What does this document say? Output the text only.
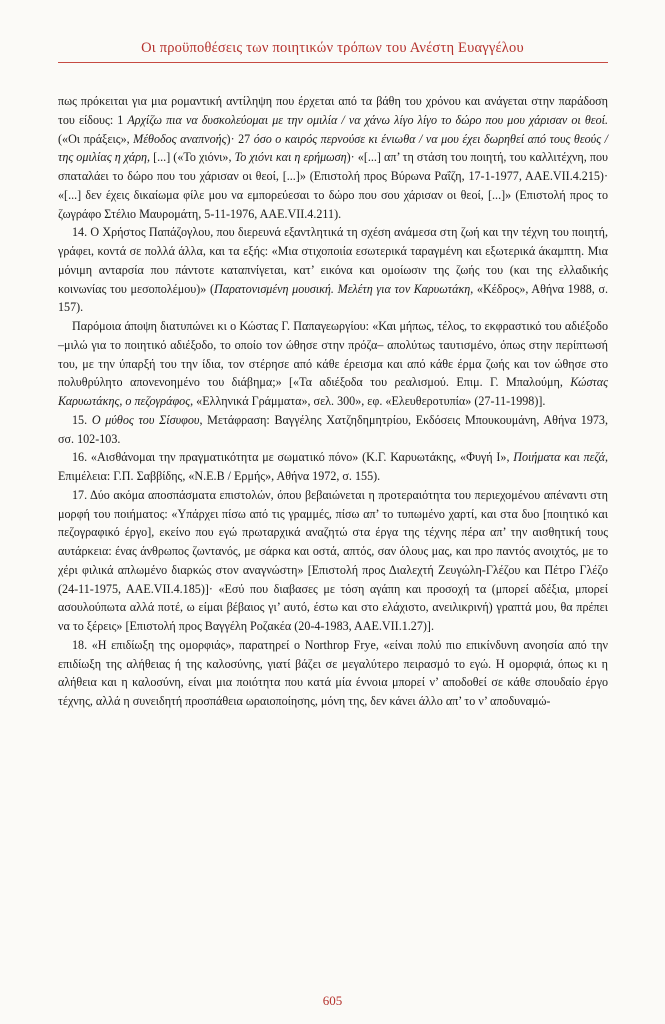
Οι προϋποθέσεις των ποιητικών τρόπων του Ανέστη Ευαγγέλου

πως πρόκειται για μια ρομαντική αντίληψη που έρχεται από τα βάθη του χρόνου και ανάγεται στην παράδοση του είδους: 1 Αρχίζω πια να δυσκολεύομαι με την ομιλία / να χάνω λίγο λίγο το δώρο που μου χάρισαν οι θεοί. («Οι πράξεις», Μέθοδος αναπνοής)· 27 όσο ο καιρός περνούσε κι ένιωθα / να μου έχει δωρηθεί από τους θεούς / της ομιλίας η χάρη, [...] («Το χιόνι», Το χιόνι και η ερήμωση)· «[...] απ’ τη στάση του ποιητή, του καλλιτέχνη, που σπαταλάει το δώρο που του χάρισαν οι θεοί, [...]» (Επιστολή προς Βύρωνα Ραΐζη, 17-1-1977, ΑΑΕ.VII.4.215)· «[...] δεν έχεις δικαίωμα φίλε μου να εμπορεύεσαι το δώρο που σου χάρισαν οι θεοί, [...]» (Επιστολή προς το ζωγράφο Στέλιο Μαυρομάτη, 5-11-1976, ΑΑΕ.VII.4.211).

14. Ο Χρήστος Παπάζογλου, που διερευνά εξαντλητικά τη σχέση ανάμεσα στη ζωή και την τέχνη του ποιητή, γράφει, κοντά σε πολλά άλλα, και τα εξής: «Μια στιχοποιία εσωτερικά ταραγμένη και εξωτερικά άκαμπτη. Μια μόνιμη ανταρσία που πάντοτε καταπνίγεται, κατ’ εικόνα και ομοίωσιν της ζωής του (και της ελλαδικής κοινωνίας του μεσοπολέμου)» (Παρατονισμένη μουσική. Μελέτη για τον Καρυωτάκη, «Κέδρος», Αθήνα 1988, σ. 157).

Παρόμοια άποψη διατυπώνει κι ο Κώστας Γ. Παπαγεωργίου: «Και μήπως, τέλος, το εκφραστικό του αδιέξοδο –μιλώ για το ποιητικό αδιέξοδο, το οποίο τον ώθησε στην πρόζα– απολύτως ταυτισμένο, όπως στην περίπτωσή του, με την ύπαρξή του την ίδια, τον στέρησε από κάθε έρεισμα και από κάθε έρμα ζωής και τον ώθησε στο πολυθρύλητο απονενοημένο του διάβημα;» [«Τα αδιέξοδα του ρεαλισμού. Επιμ. Γ. Μπαλούμη, Κώστας Καρυωτάκης, ο πεζογράφος, «Ελληνικά Γράμματα», σελ. 300», εφ. «Ελευθεροτυπία» (27-11-1998)].

15. Ο μύθος του Σίσυφου, Μετάφραση: Βαγγέλης Χατζηδημητρίου, Εκδόσεις Μπουκουμάνη, Αθήνα 1973, σσ. 102-103.

16. «Αισθάνομαι την πραγματικότητα με σωματικό πόνο» (Κ.Γ. Καρυωτάκης, «Φυγή Ι», Ποιήματα και πεζά, Επιμέλεια: Γ.Π. Σαββίδης, «Ν.Ε.Β / Ερμής», Αθήνα 1972, σ. 155).

17. Δύο ακόμα αποσπάσματα επιστολών, όπου βεβαιώνεται η προτεραιότητα του περιεχομένου απέναντι στη μορφή του ποιήματος: «Υπάρχει πίσω από τις γραμμές, πίσω απ’ το τυπωμένο χαρτί, και στα δυο [ποιητικό και πεζογραφικό έργο], εκείνο που εγώ πρωταρχικά αναζητώ στα έργα της τέχνης πέρα απ’ την αισθητική τους αυτάρκεια: ένας άνθρωπος ζωντανός, με σάρκα και οστά, απτός, σαν όλους μας, και προ παντός ανοιχτός, με το χέρι φιλικά απλωμένο διαρκώς στον αναγνώστη» [Επιστολή προς Διαλεχτή Ζευγώλη-Γλέζου και Πέτρο Γλέζο (24-11-1975, ΑΑΕ.VII.4.185)]· «Εσύ που διαβασες με τόση αγάπη και προσοχή τα (μπορεί αδέξια, μπορεί ασουλούπωτα αλλά ποτέ, ω είμαι βέβαιος γι’ αυτό, έστω και στο ελάχιστο, ανειλικρινή) γραπτά μου, θα πρέπει να το ξέρεις» [Επιστολή προς Βαγγέλη Ροζακέα (20-4-1983, ΑΑΕ.VII.1.27)].

18. «Η επιδίωξη της ομορφιάς», παρατηρεί ο Northrop Frye, «είναι πολύ πιο επικίνδυνη ανοησία από την επιδίωξη της αλήθειας ή της καλοσύνης, γιατί βάζει σε μεγαλύτερο πειρασμό το εγώ. Η ομορφιά, όπως κι η αλήθεια και η καλοσύνη, είναι μια ποιότητα που κατά μία έννοια μπορεί ν’ αποδοθεί σε κάθε σπουδαίο έργο τέχνης, αλλά η συνειδητή προσπάθεια ωραιοποίησης, μόνη της, δεν κάνει άλλο απ’ το ν’ αποδυναμώ-

605
